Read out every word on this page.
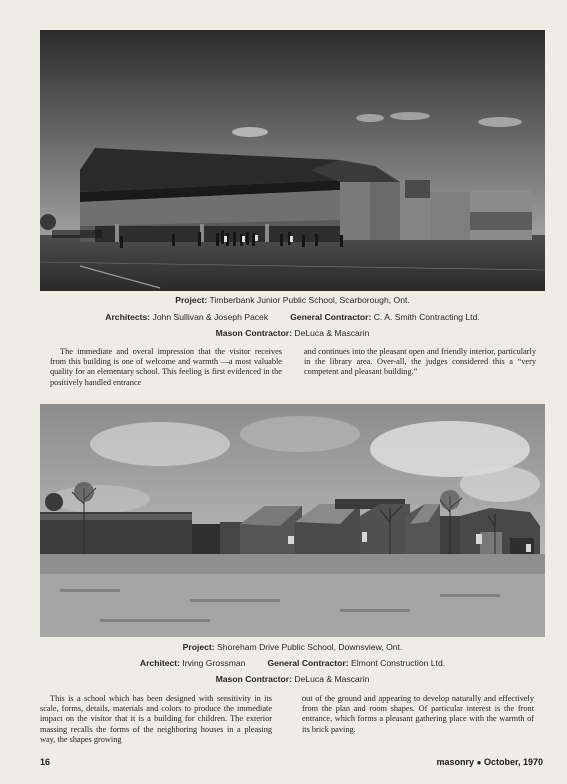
Project: Timberbank Junior Public School, Scarborough, Ont.
Architects: John Sullivan & Joseph Pacek	General Contractor: C. A. Smith Contracting Ltd.
Mason Contractor: DeLuca & Mascarin
The immediate and overal impression that the visitor receives from this building is one of welcome and warmth —a most valuable quality for an elementary school. This feeling is first evidenced in the positively handled entrance
and continues into the pleasant open and friendly interior, particularly in the library area. Over-all, the judges considered this a “very competent and pleasant building.”
Project: Shoreham Drive Public School, Downsview, Ont.
Architect: Irving Grossman	General Contractor: Elmont Construction Ltd.
Mason Contractor: DeLuca & Mascarin
This is a school which has been designed with sensitivity in its scale, forms, details, materials and colors to produce the immediate impact on the visitor that it is a building for children. The exterior massing recalls the forms of the neighboring houses in a pleasing way, the shapes growing
out of the ground and appearing to develop naturally and effectively from the plan and room shapes. Of particular interest is the front entrance, which forms a pleasant gathering place with the warmth of its brick paving.
16	masonry ● October, 1970
